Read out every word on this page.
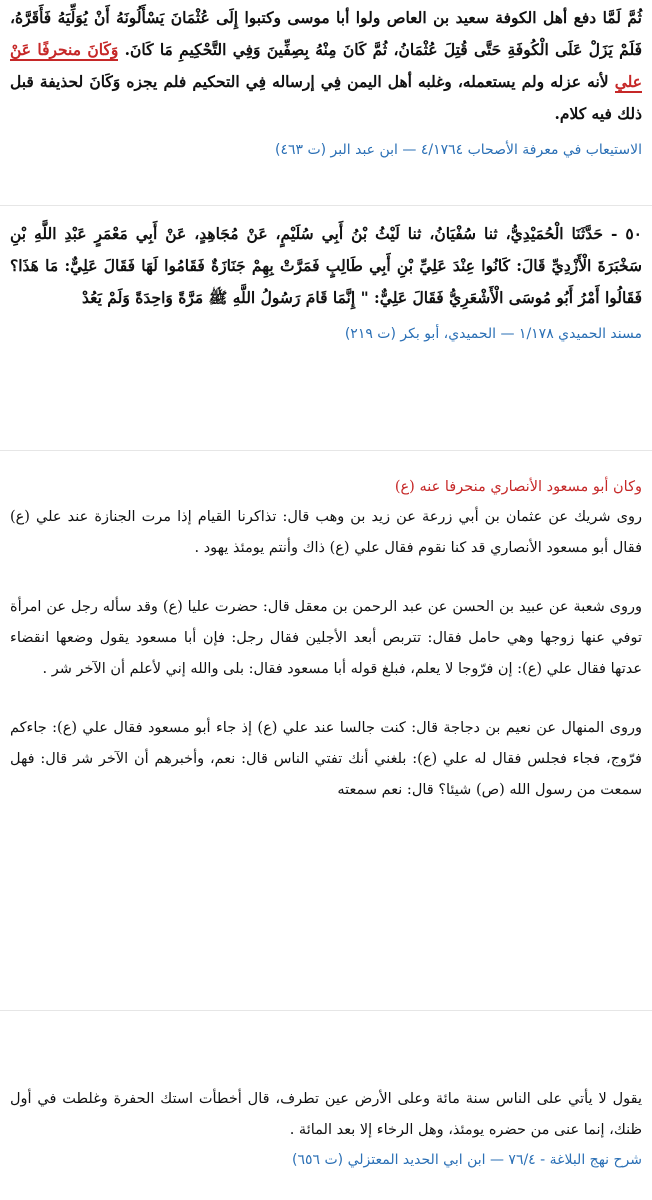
ثُمَّ لَمَّا دفع أهل الكوفة سعيد بن العاص ولوا أبا موسى وكتبوا إِلَى عُثْمَانَ يَسْأَلُونَهُ أَنْ يُوَلِّيَهُ فَأَقَرَّهُ، فَلَمْ يَزَلْ عَلَى الْكُوفَةِ حَتَّى قُتِلَ عُثْمَانُ، ثُمَّ كَانَ مِنْهُ بِصِفِّينَ وَفِي التَّحْكِيمِ مَا كَانَ. وَكَانَ منحرفًا عَنْ علي لأنه عزله ولم يستعمله، وغلبه أهل اليمن فِي إرساله فِي التحكيم فلم يجزه وَكَانَ لحذيفة قبل ذلك فيه كلام.

الاستيعاب في معرفة الأصحاب ٤/١٧٦٤ — ابن عبد البر (ت ٤٦٣)

٥٠ - حَدَّثَنَا الْحُمَيْدِيُّ، ثنا سُفْيَانُ، ثنا لَيْثُ بْنُ أَبِي سُلَيْمٍ، عَنْ مُجَاهِدٍ، عَنْ أَبِي مَعْمَرٍ عَبْدِ اللَّهِ بْنِ سَخْبَرَةَ الْأَزْدِيِّ قَالَ: كَانُوا عِنْدَ عَلِيِّ بْنِ أَبِي طَالِبٍ فَمَرَّتْ بِهِمْ جَنَازَةٌ فَقَامُوا لَهَا فَقَالَ عَلِيٌّ: مَا هَذَا؟ فَقَالُوا أَمْرُ أَبُو مُوسَى الْأَشْعَرِيُّ فَقَالَ عَلِيٌّ: " إِنَّمَا قَامَ رَسُولُ اللَّهِ ﷺ مَرَّةً وَاحِدَةً وَلَمْ يَعُدْ

مسند الحميدي ١/١٧٨ — الحميدي، أبو بكر (ت ٢١٩)

وكان أبو مسعود الأنصاري منحرفا عنه (ع)

روى شريك عن عثمان بن أبي زرعة عن زيد بن وهب قال: تذاكرنا القيام إذا مرت الجنازة عند علي (ع) فقال أبو مسعود الأنصاري قد كنا نقوم فقال علي (ع) ذاك وأنتم يومئذ يهود .

وروى شعبة عن عبيد بن الحسن عن عبد الرحمن بن معقل قال: حضرت عليا (ع) وقد سأله رجل عن امرأة توفي عنها زوجها وهي حامل فقال: تتربص أبعد الأجلين فقال رجل: فإن أبا مسعود يقول وضعها انقضاء عدتها فقال علي (ع): إن فرّوجا لا يعلم، فبلغ قوله أبا مسعود فقال: بلى والله إني لأعلم أن الآخر شر .

وروى المنهال عن نعيم بن دجاجة قال: كنت جالسا عند علي (ع) إذ جاء أبو مسعود فقال علي (ع): جاءكم فرّوج، فجاء فجلس فقال له علي (ع): بلغني أنك تفتي الناس قال: نعم، وأخبرهم أن الآخر شر قال: فهل سمعت من رسول الله (ص) شيئا؟ قال: نعم سمعته

يقول لا يأتي على الناس سنة مائة وعلى الأرض عين تطرف، قال أخطأت استك الحفرة وغلطت في أول ظنك، إنما عنى من حضره يومئذ، وهل الرخاء إلا بعد المائة .

شرح نهج البلاغة - ٧٦/٤ — ابن ابي الحديد المعتزلي (ت ٦٥٦)
